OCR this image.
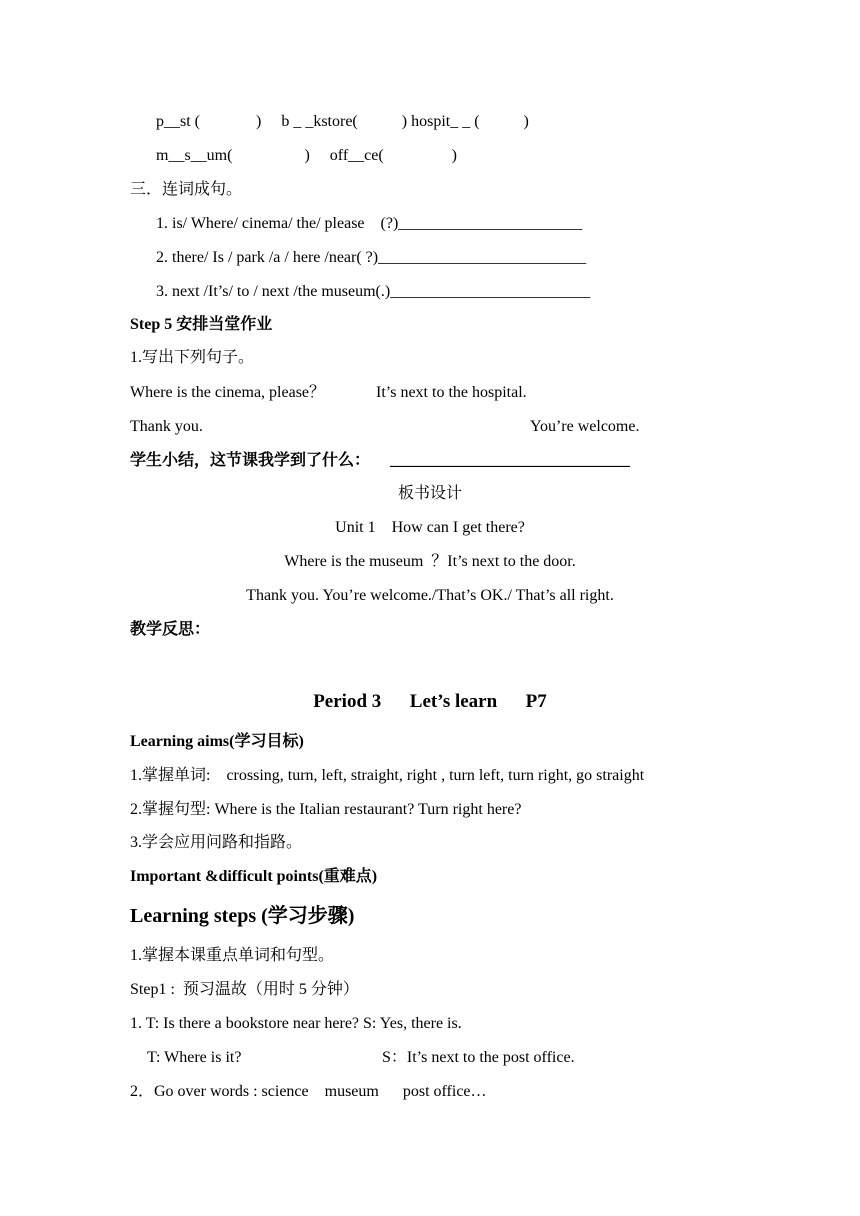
p__st (              )     b _ _kstore(           ) hospit_ _ (           )
m__s__um(                  )     off__ce(                 )
三．连词成句。
1. is/ Where/ cinema/ the/ please    (?)_______________________
2. there/ Is / park /a / here /near( ?)__________________________
3. next /It’s/ to / next /the museum(.)_________________________
Step 5 安排当堂作业
1.写出下列句子。
Where is the cinema, please？	It’s next to the hospital.
Thank you.	You’re welcome.
学生小结，这节课我学到了什么： ______________________________
板书设计
Unit 1    How can I get there?
Where is the museum  ？It’s next to the door.
Thank you. You’re welcome./That’s OK./ That’s all right.
教学反思：
Period 3      Let’s learn      P7
Learning aims(学习目标)
1.掌握单词:    crossing, turn, left, straight, right , turn left, turn right, go straight
2.掌握句型: Where is the Italian restaurant? Turn right here?
3.学会应用问路和指路。
Important &difficult points(重难点)
Learning steps (学习步骤)
1.掌握本课重点单词和句型。
Step1 :  预习温故（用时 5 分钟）
1. T: Is there a bookstore near here? S: Yes, there is.
T: Where is it?	S：It’s next to the post office.
2．Go over words : science    museum      post office…
